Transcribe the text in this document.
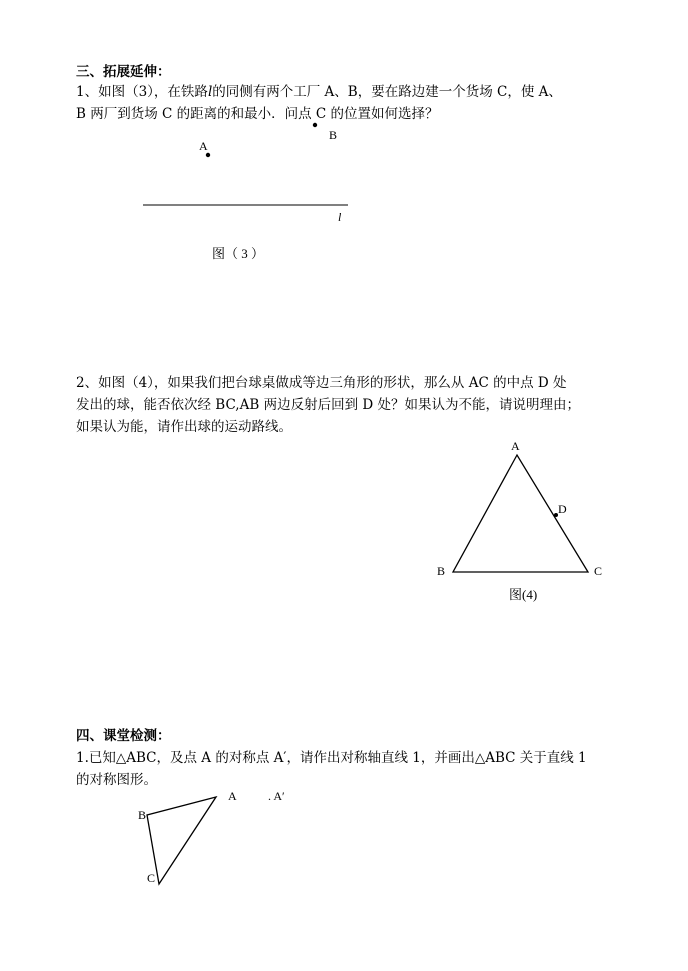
三、拓展延伸：
1、如图（3），在铁路l的同侧有两个工厂 A、B，要在路边建一个货场 C，使 A、
B 两厂到货场 C 的距离的和最小．问点 C 的位置如何选择？
A
B
l
图（ 3 ）
2、如图（4），如果我们把台球桌做成等边三角形的形状，那么从 AC 的中点 D 处
发出的球，能否依次经 BC,AB 两边反射后回到 D 处？如果认为不能，请说明理由；
如果认为能，请作出球的运动路线。
A
D
B	C
图(4)
四、课堂检测：
1.已知△ABC，及点 A 的对称点 A′，请作出对称轴直线 1，并画出△ABC 关于直线 1
的对称图形。
A	. A′
B
C
